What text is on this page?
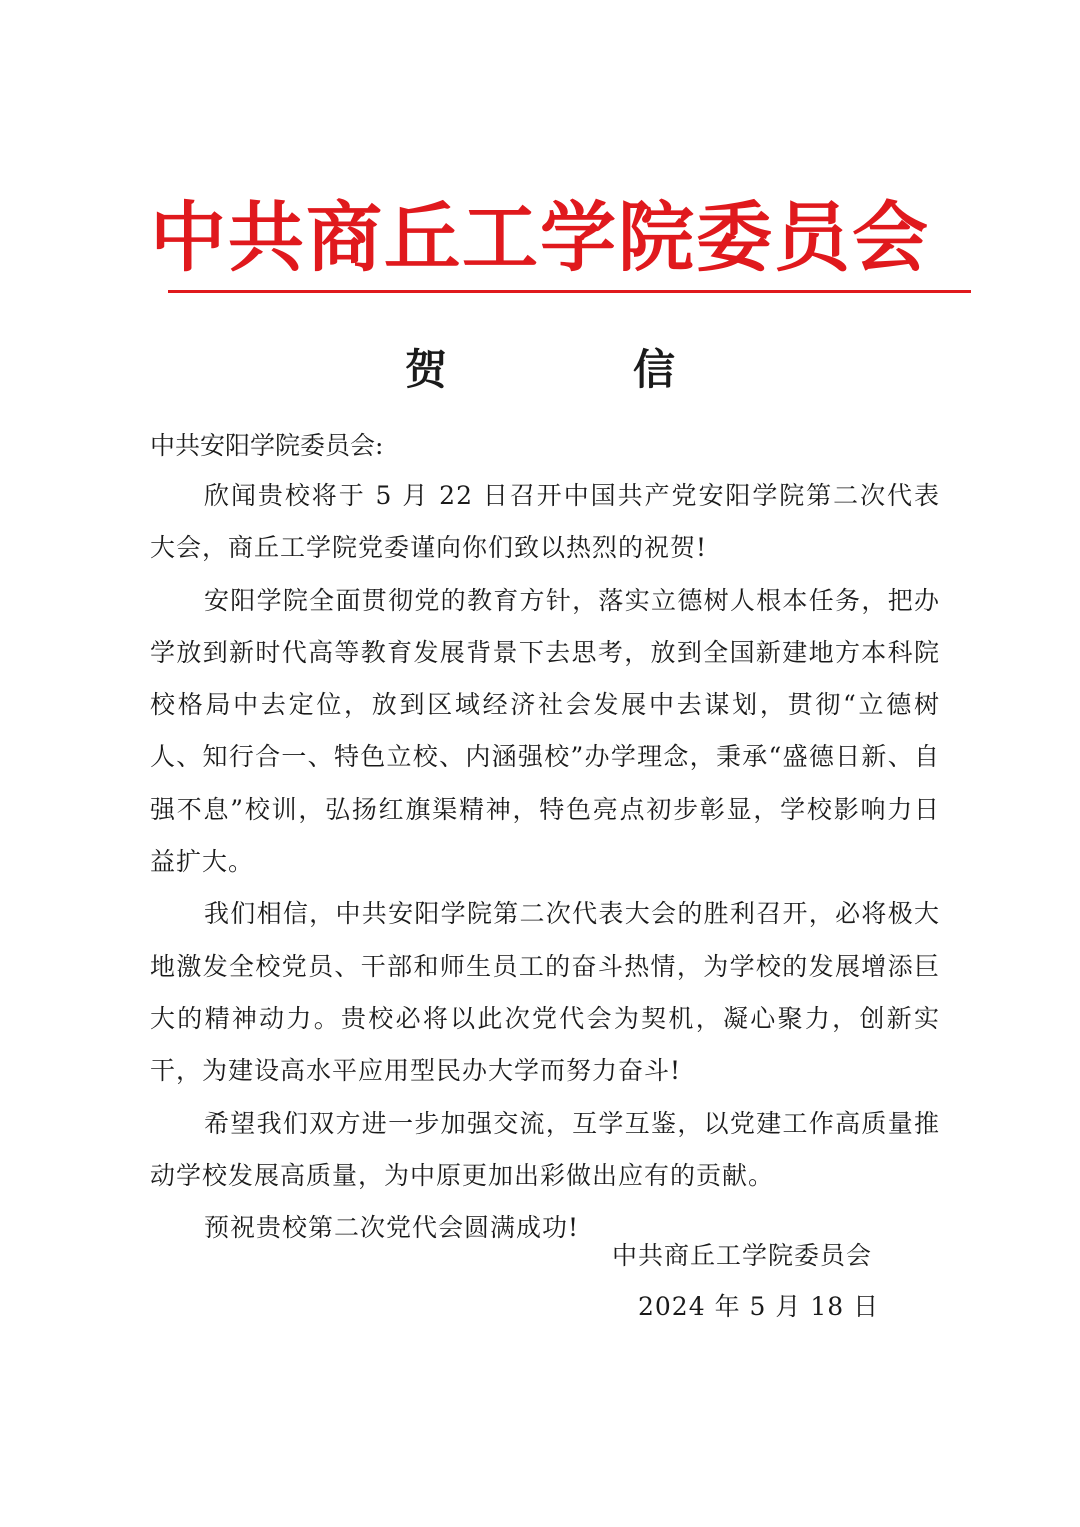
中共商丘工学院委员会
贺　信
中共安阳学院委员会:

欣闻贵校将于 5 月 22 日召开中国共产党安阳学院第二次代表大会，商丘工学院党委谨向你们致以热烈的祝贺!

安阳学院全面贯彻党的教育方针，落实立德树人根本任务，把办学放到新时代高等教育发展背景下去思考，放到全国新建地方本科院校格局中去定位，放到区域经济社会发展中去谋划，贯彻“立德树人、知行合一、特色立校、内涵强校”办学理念，秉承“盛德日新、自强不息”校训，弘扬红旗渠精神，特色亮点初步彰显，学校影响力日益扩大。

我们相信，中共安阳学院第二次代表大会的胜利召开，必将极大地激发全校党员、干部和师生员工的奋斗热情，为学校的发展增添巨大的精神动力。贵校必将以此次党代会为契机，凝心聚力，创新实干，为建设高水平应用型民办大学而努力奋斗!

希望我们双方进一步加强交流，互学互鉴，以党建工作高质量推动学校发展高质量，为中原更加出彩做出应有的贡献。

预祝贵校第二次党代会圆满成功!

中共商丘工学院委员会
2024 年 5 月 18 日
